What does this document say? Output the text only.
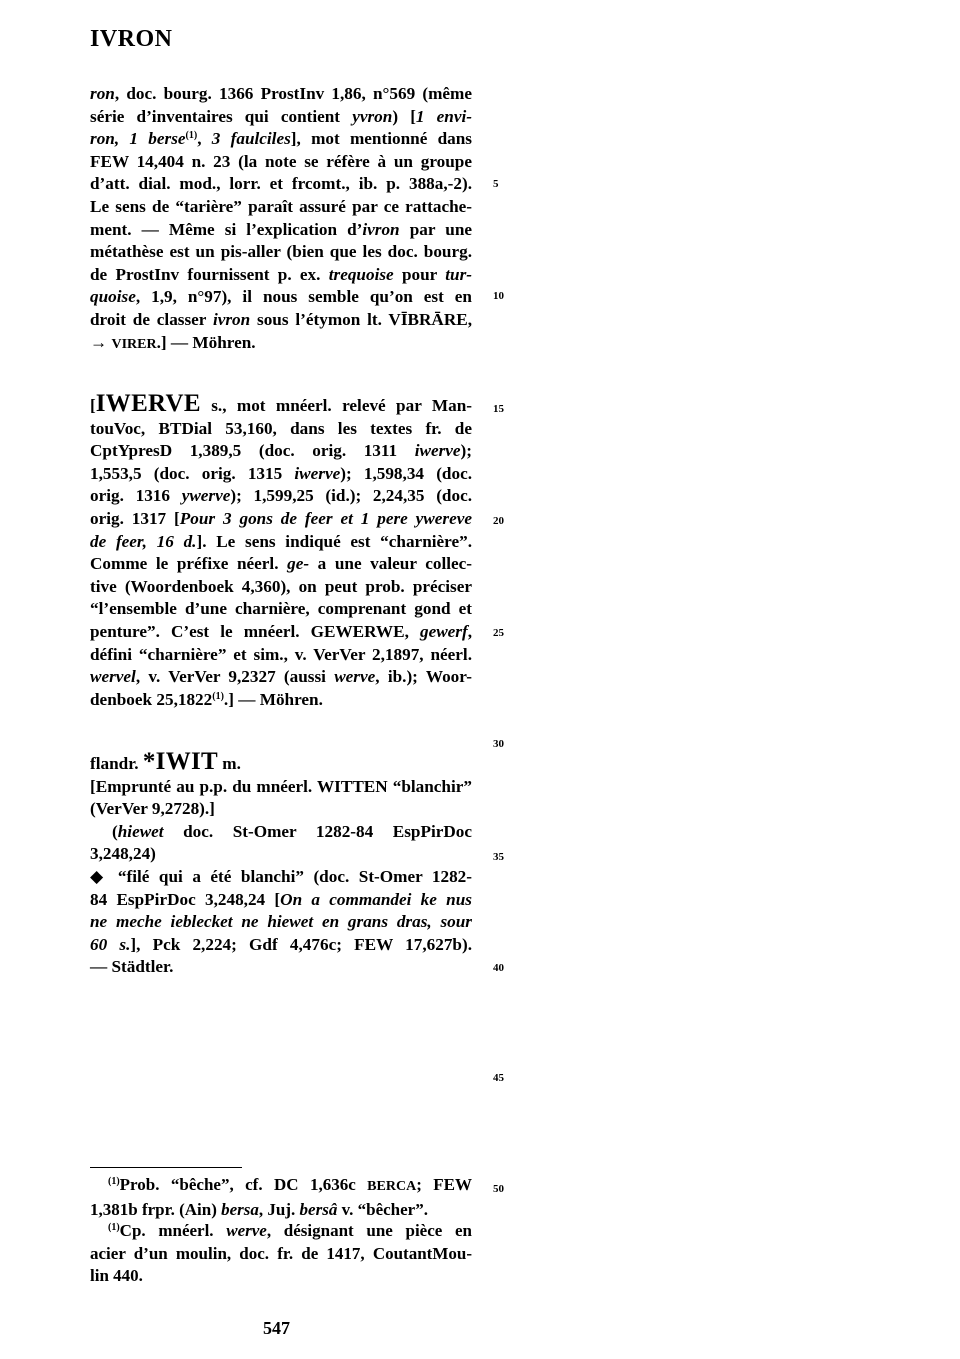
IVRON
ron, doc. bourg. 1366 ProstInv 1,86, n°569 (même
série d’inventaires qui contient yvron) [1 envi-
ron, 1 berse$^{(1)}$, 3 faulciles], mot mentionné dans
FEW 14,404 n. 23 (la note se réfère à un groupe
d’att. dial. mod., lorr. et frcomt., ib. p. 388a,-2).
Le sens de “tarière” paraît assuré par ce rattache-
ment. — Même si l’explication d’ivron par une
métathèse est un pis-aller (bien que les doc. bourg.
de ProstInv fournissent p. ex. trequoise pour tur-
quoise, 1,9, n°97), il nous semble qu’on est en
droit de classer ivron sous l’étymon lt. VĪBRĀRE,
→ VIRER.] — Möhren.
[IWERVE s., mot mnéerl. relevé par Man-
touVoc, BTDial 53,160, dans les textes fr. de
CptYpresD 1,389,5 (doc. orig. 1311 iwerve);
1,553,5 (doc. orig. 1315 iwerve); 1,598,34 (doc.
orig. 1316 ywerve); 1,599,25 (id.); 2,24,35 (doc.
orig. 1317 [Pour 3 gons de feer et 1 pere ywereve
de feer, 16 d.]. Le sens indiqué est “charnière”.
Comme le préfixe néerl. ge- a une valeur collec-
tive (Woordenboek 4,360), on peut prob. préciser
“l’ensemble d’une charnière, comprenant gond et
penture”. C’est le mnéerl. GEWERWE, gewerf,
défini “charnière” et sim., v. VerVer 2,1897, néerl.
wervel, v. VerVer 9,2327 (aussi werve, ib.); Woor-
denboek 25,1822$^{(1)}$.] — Möhren.
flandr. *IWIT m.
[Emprunté au p.p. du mnéerl. WITTEN “blanchir”
(VerVer 9,2728).]
(hiewet doc. St-Omer 1282-84 EspPirDoc
3,248,24)
◆ “filé qui a été blanchi” (doc. St-Omer 1282-
84 EspPirDoc 3,248,24 [On a commandei ke nus
ne meche ieblecket ne hiewet en grans dras, sour
60 s.], Pck 2,224; Gdf 4,476c; FEW 17,627b).
— Städtler.
5
10
15
20
25
30
35
40
45
50
$^{(1)}$Prob. “bêche”, cf. DC 1,636c BERCA; FEW
1,381b frpr. (Ain) bersa, Juj. bersâ v. “bêcher”.
$^{(1)}$Cp. mnéerl. werve, désignant une pièce en
acier d’un moulin, doc. fr. de 1417, CoutantMou-
lin 440.
547
